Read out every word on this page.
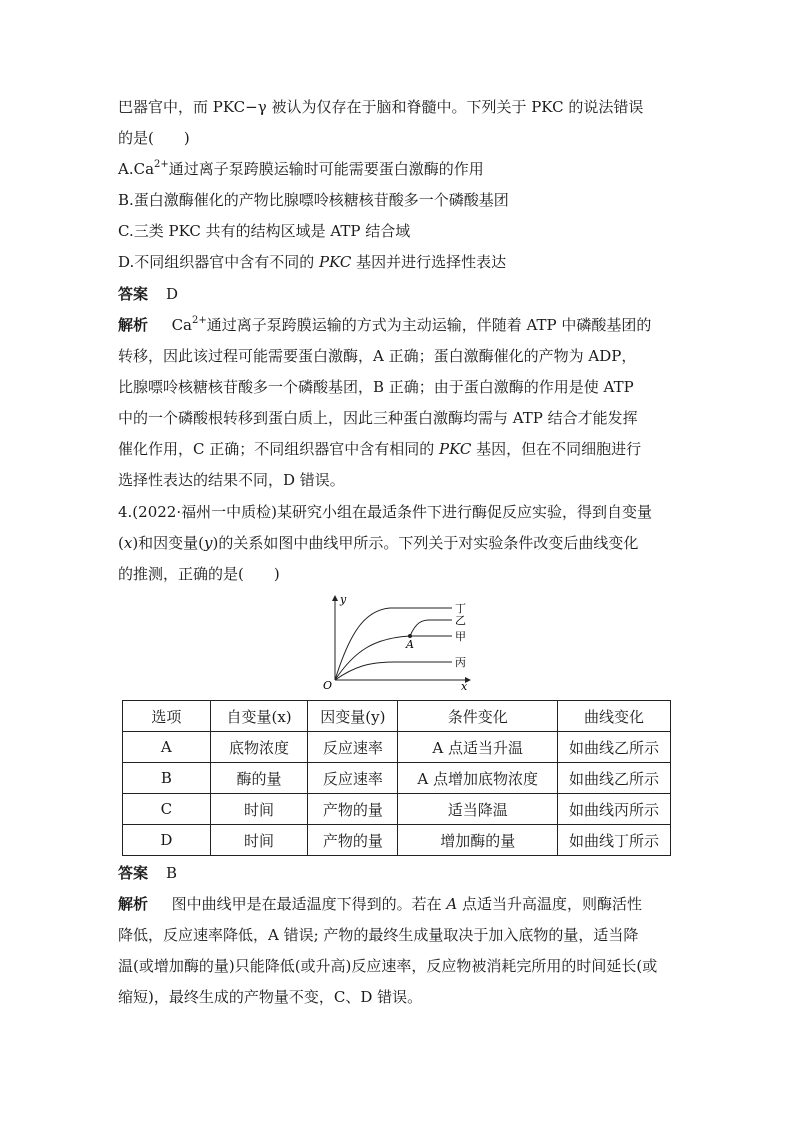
巴器官中，而 PKC−γ 被认为仅存在于脑和脊髓中。下列关于 PKC 的说法错误
的是(　　)
$A.Ca^{2+}$通过离子泵跨膜运输时可能需要蛋白激酶的作用
B.蛋白激酶催化的产物比腺嘌呤核糖核苷酸多一个磷酸基团
C.三类 PKC 共有的结构区域是 ATP 结合域
D.不同组织器官中含有不同的 PKC 基因并进行选择性表达
答案 D
解析 $Ca^{2+}$通过离子泵跨膜运输的方式为主动运输，伴随着 ATP 中磷酸基团的
转移，因此该过程可能需要蛋白激酶，A 正确；蛋白激酶催化的产物为 ADP，
比腺嘌呤核糖核苷酸多一个磷酸基团，B 正确；由于蛋白激酶的作用是使 ATP
中的一个磷酸根转移到蛋白质上，因此三种蛋白激酶均需与 ATP 结合才能发挥
催化作用，C 正确；不同组织器官中含有相同的 PKC 基因，但在不同细胞进行
选择性表达的结果不同，D 错误。
4.(2022·福州一中质检)某研究小组在最适条件下进行酶促反应实验，得到自变量
(x)和因变量(y)的关系如图中曲线甲所示。下列关于对实验条件改变后曲线变化
的推测，正确的是(　　)
y
x
O
A
丁
乙
甲
丙
选项	自变量(x)	因变量(y)	条件变化	曲线变化
A	底物浓度	反应速率	A 点适当升温	如曲线乙所示
B	酶的量	反应速率	A 点增加底物浓度	如曲线乙所示
C	时间	产物的量	适当降温	如曲线丙所示
D	时间	产物的量	增加酶的量	如曲线丁所示
答案 B
解析 图中曲线甲是在最适温度下得到的。若在 A 点适当升高温度，则酶活性
降低，反应速率降低，A 错误; 产物的最终生成量取决于加入底物的量，适当降
温(或增加酶的量)只能降低(或升高)反应速率，反应物被消耗完所用的时间延长(或
缩短)，最终生成的产物量不变，C、D 错误。
